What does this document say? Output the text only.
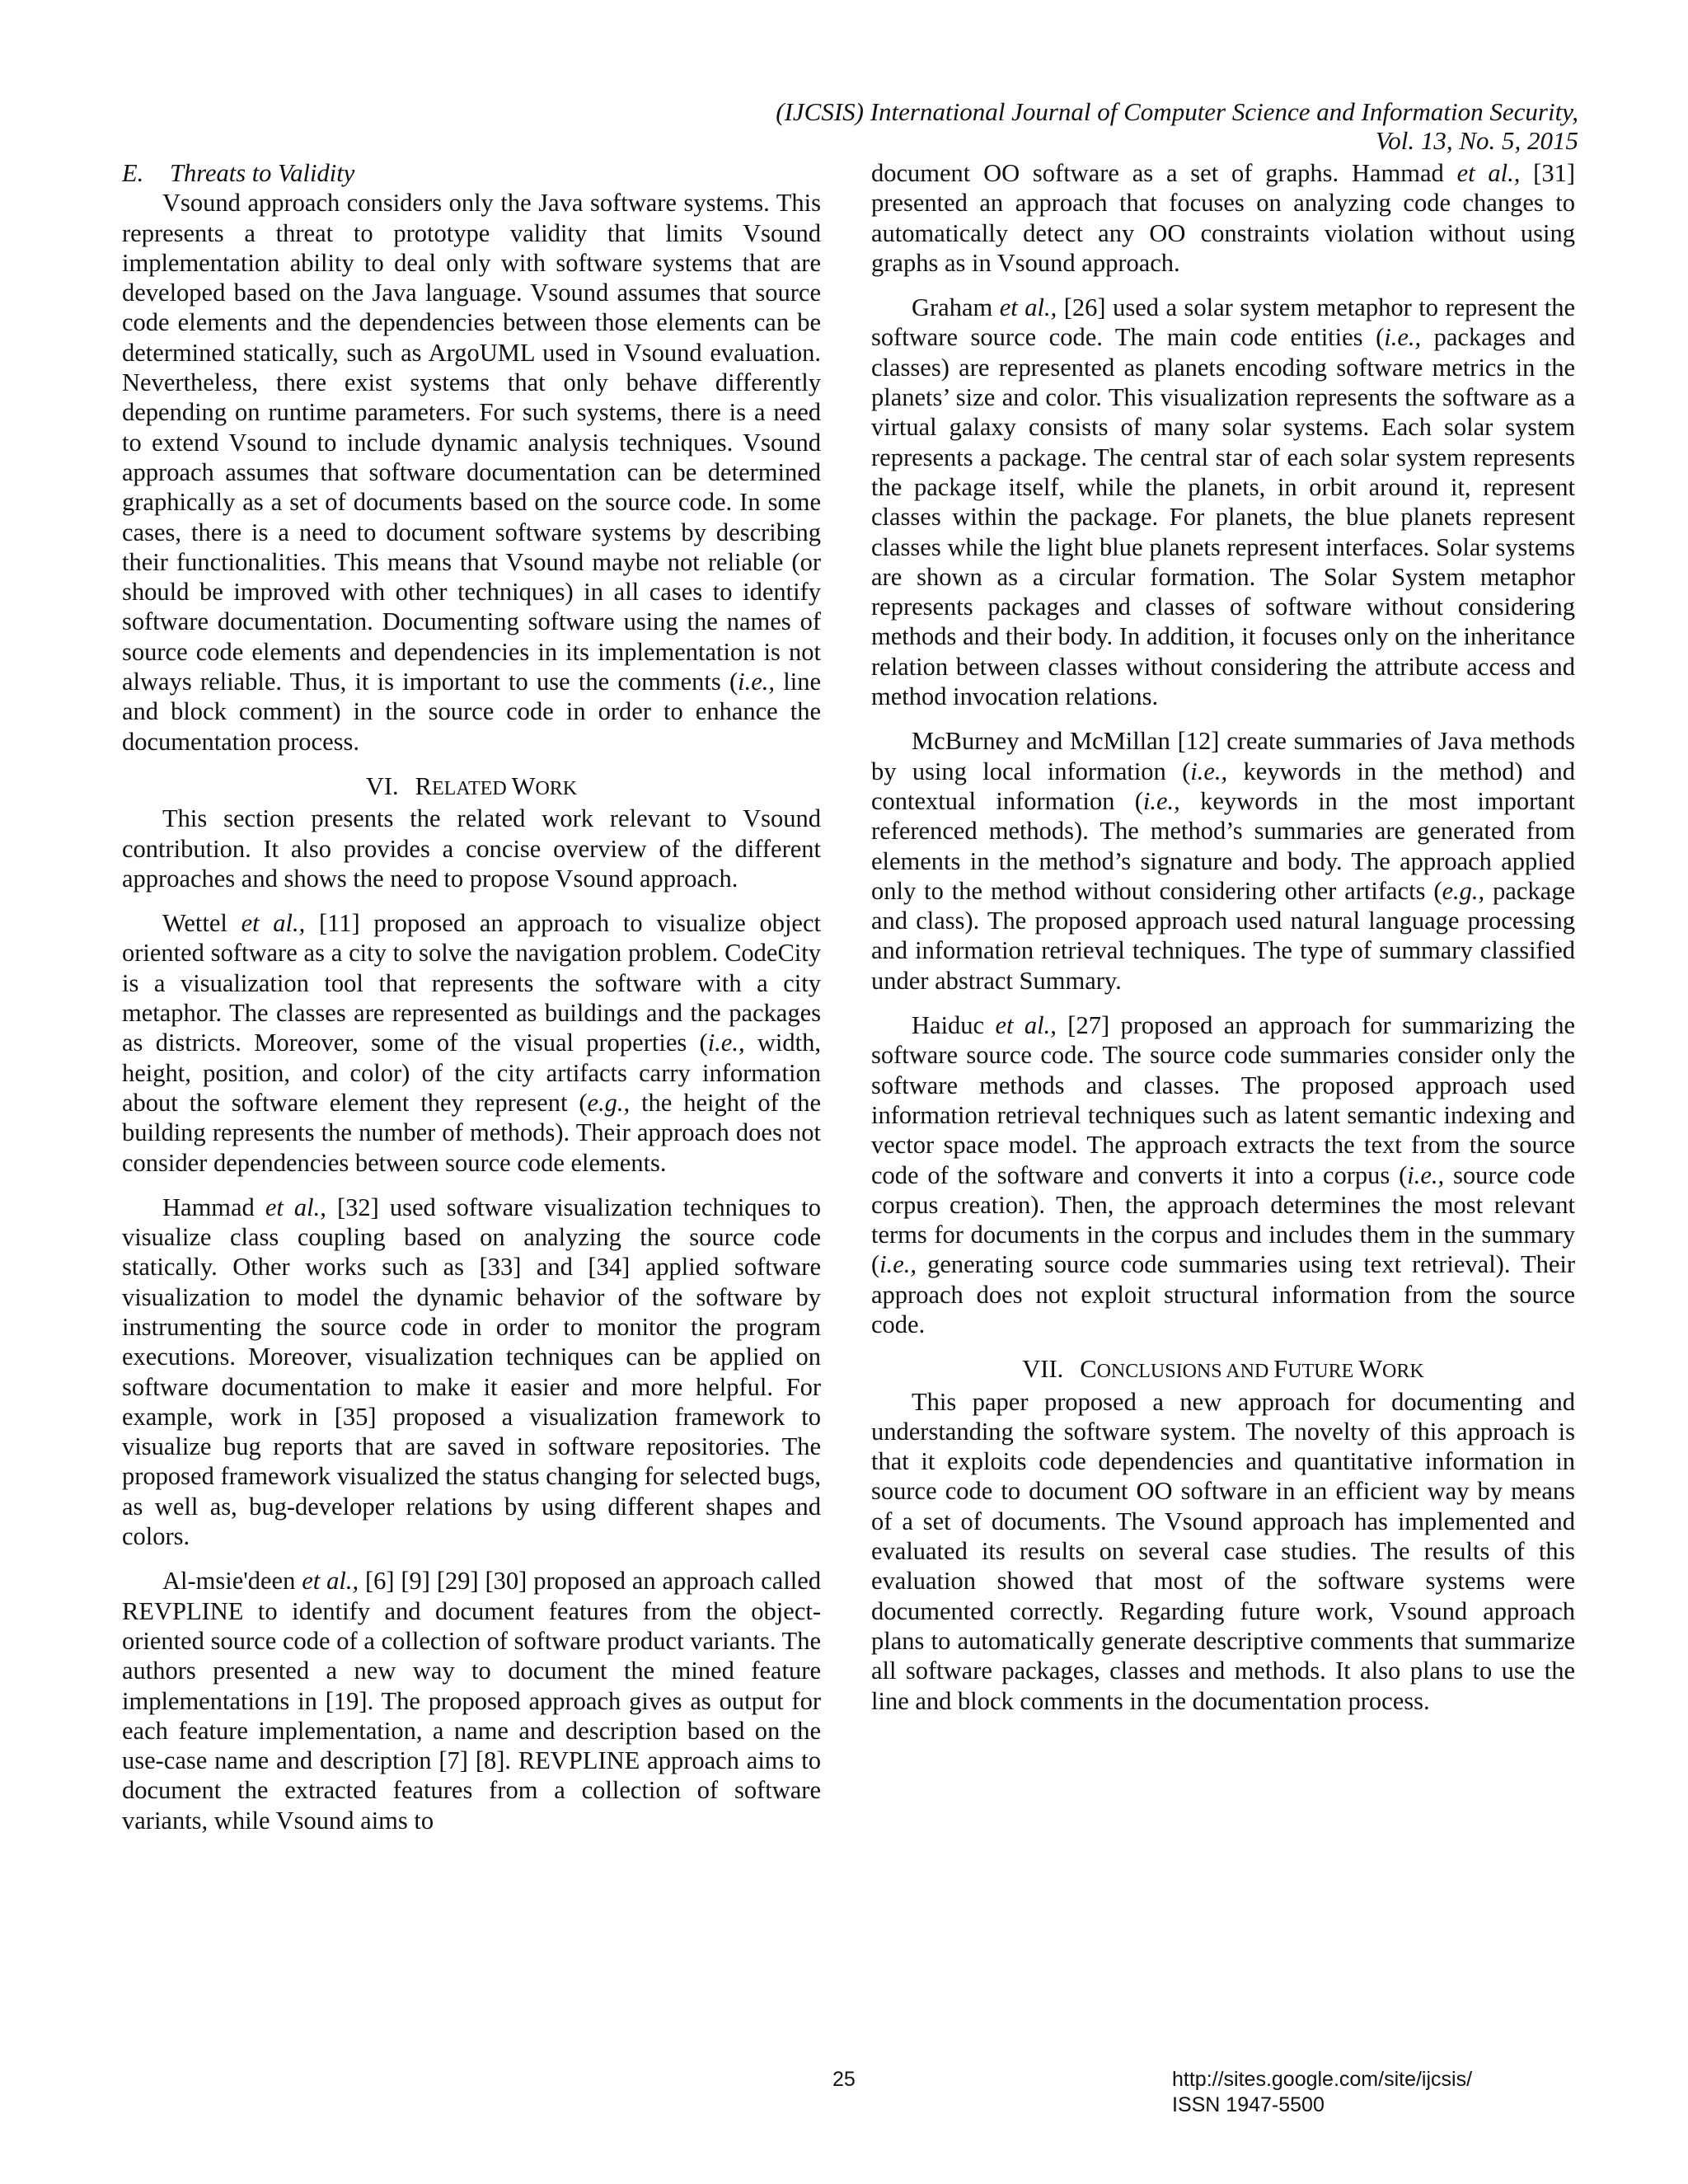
(IJCSIS) International Journal of Computer Science and Information Security,
Vol. 13, No. 5, 2015

E. Threats to Validity

Vsound approach considers only the Java software systems. This represents a threat to prototype validity that limits Vsound implementation ability to deal only with software systems that are developed based on the Java language. Vsound assumes that source code elements and the dependencies between those elements can be determined statically, such as ArgoUML used in Vsound evaluation. Nevertheless, there exist systems that only behave differently depending on runtime parameters. For such systems, there is a need to extend Vsound to include dynamic analysis techniques. Vsound approach assumes that software documentation can be determined graphically as a set of documents based on the source code. In some cases, there is a need to document software systems by describing their functionalities. This means that Vsound maybe not reliable (or should be improved with other techniques) in all cases to identify software documentation. Documenting software using the names of source code elements and dependencies in its implementation is not always reliable. Thus, it is important to use the comments (i.e., line and block comment) in the source code in order to enhance the documentation process.

VI. RELATED WORK

This section presents the related work relevant to Vsound contribution. It also provides a concise overview of the different approaches and shows the need to propose Vsound approach.

Wettel et al., [11] proposed an approach to visualize object oriented software as a city to solve the navigation problem. CodeCity is a visualization tool that represents the software with a city metaphor. The classes are represented as buildings and the packages as districts. Moreover, some of the visual properties (i.e., width, height, position, and color) of the city artifacts carry information about the software element they represent (e.g., the height of the building represents the number of methods). Their approach does not consider dependencies between source code elements.

Hammad et al., [32] used software visualization techniques to visualize class coupling based on analyzing the source code statically. Other works such as [33] and [34] applied software visualization to model the dynamic behavior of the software by instrumenting the source code in order to monitor the program executions. Moreover, visualization techniques can be applied on software documentation to make it easier and more helpful. For example, work in [35] proposed a visualization framework to visualize bug reports that are saved in software repositories. The proposed framework visualized the status changing for selected bugs, as well as, bug-developer relations by using different shapes and colors.

Al-msie'deen et al., [6] [9] [29] [30] proposed an approach called REVPLINE to identify and document features from the object-oriented source code of a collection of software product variants. The authors presented a new way to document the mined feature implementations in [19]. The proposed approach gives as output for each feature implementation, a name and description based on the use-case name and description [7] [8]. REVPLINE approach aims to document the extracted features from a collection of software variants, while Vsound aims to

document OO software as a set of graphs. Hammad et al., [31] presented an approach that focuses on analyzing code changes to automatically detect any OO constraints violation without using graphs as in Vsound approach.

Graham et al., [26] used a solar system metaphor to represent the software source code. The main code entities (i.e., packages and classes) are represented as planets encoding software metrics in the planets’ size and color. This visualization represents the software as a virtual galaxy consists of many solar systems. Each solar system represents a package. The central star of each solar system represents the package itself, while the planets, in orbit around it, represent classes within the package. For planets, the blue planets represent classes while the light blue planets represent interfaces. Solar systems are shown as a circular formation. The Solar System metaphor represents packages and classes of software without considering methods and their body. In addition, it focuses only on the inheritance relation between classes without considering the attribute access and method invocation relations.

McBurney and McMillan [12] create summaries of Java methods by using local information (i.e., keywords in the method) and contextual information (i.e., keywords in the most important referenced methods). The method’s summaries are generated from elements in the method’s signature and body. The approach applied only to the method without considering other artifacts (e.g., package and class). The proposed approach used natural language processing and information retrieval techniques. The type of summary classified under abstract Summary.

Haiduc et al., [27] proposed an approach for summarizing the software source code. The source code summaries consider only the software methods and classes. The proposed approach used information retrieval techniques such as latent semantic indexing and vector space model. The approach extracts the text from the source code of the software and converts it into a corpus (i.e., source code corpus creation). Then, the approach determines the most relevant terms for documents in the corpus and includes them in the summary (i.e., generating source code summaries using text retrieval). Their approach does not exploit structural information from the source code.

VII. CONCLUSIONS AND FUTURE WORK

This paper proposed a new approach for documenting and understanding the software system. The novelty of this approach is that it exploits code dependencies and quantitative information in source code to document OO software in an efficient way by means of a set of documents. The Vsound approach has implemented and evaluated its results on several case studies. The results of this evaluation showed that most of the software systems were documented correctly. Regarding future work, Vsound approach plans to automatically generate descriptive comments that summarize all software packages, classes and methods. It also plans to use the line and block comments in the documentation process.

25	http://sites.google.com/site/ijcsis/
ISSN 1947-5500
